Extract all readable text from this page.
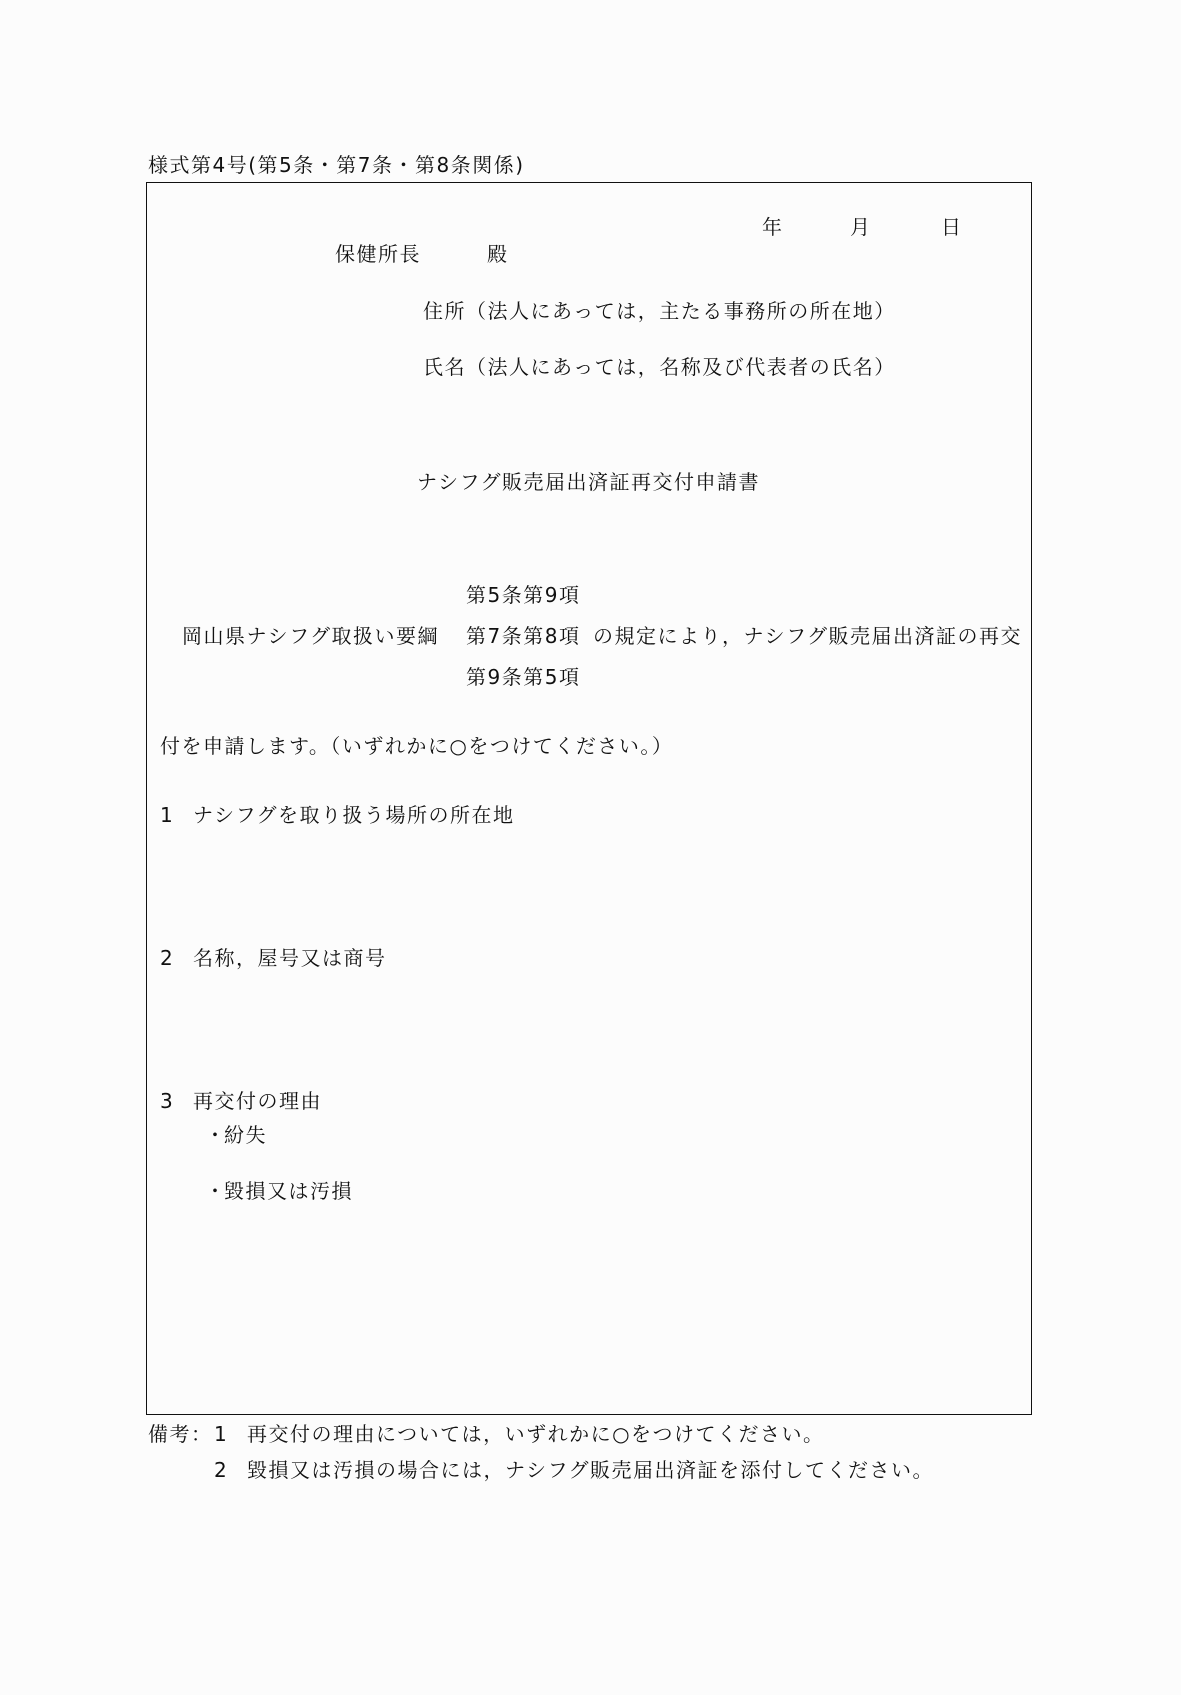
様式第4号(第5条・第7条・第8条関係)
年	月	日
保健所長	殿
住所（法人にあっては，主たる事務所の所在地）
氏名（法人にあっては，名称及び代表者の氏名）
ナシフグ販売届出済証再交付申請書
岡山県ナシフグ取扱い要綱
第5条第9項
第7条第8項
第9条第5項
の規定により，ナシフグ販売届出済証の再交
付を申請します。（いずれかに○をつけてください。）
1 ナシフグを取り扱う場所の所在地
2 名称，屋号又は商号
3 再交付の理由
・
紛失
・
毀損又は汚損
備考： 1 再交付の理由については，いずれかに○をつけてください。
2 毀損又は汚損の場合には，ナシフグ販売届出済証を添付してください。
